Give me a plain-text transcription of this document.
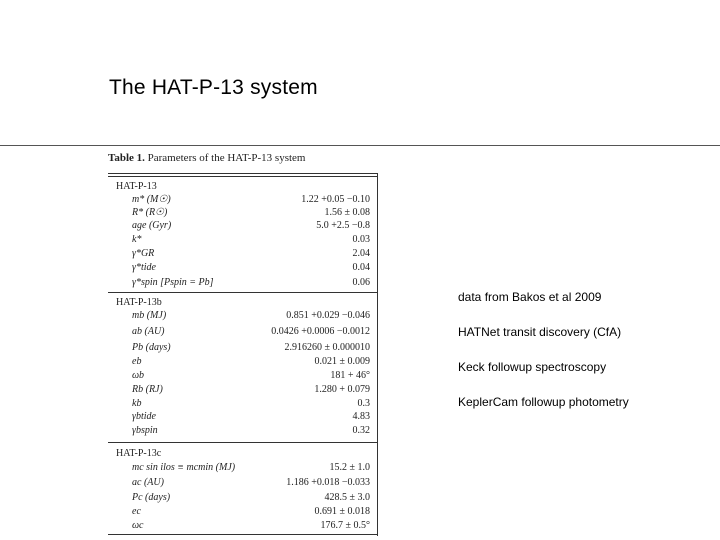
The HAT-P-13 system
Table 1. Parameters of the HAT-P-13 system
HAT-P-13
m* (M☉)	1.22 +0.05 −0.10
R* (R☉)	1.56 ± 0.08
age (Gyr)	5.0 +2.5 −0.8
k*	0.03
γ*GR	2.04
γ*tide	0.04
γ*spin [Pspin = Pb]	0.06
HAT-P-13b
mb (MJ)	0.851 +0.029 −0.046
ab (AU)	0.0426 +0.0006 −0.0012
Pb (days)	2.916260 ± 0.000010
eb	0.021 ± 0.009
ωb	181 + 46°
Rb (RJ)	1.280 + 0.079
kb	0.3
γbtide	4.83
γbspin	0.32
HAT-P-13c
mc sin ilos ≡ mcmin (MJ)	15.2 ± 1.0
ac (AU)	1.186 +0.018 −0.033
Pc (days)	428.5 ± 3.0
ec	0.691 ± 0.018
ωc	176.7 ± 0.5°
data from Bakos et al 2009
HATNet transit discovery (CfA)
Keck followup spectroscopy
KeplerCam followup photometry
